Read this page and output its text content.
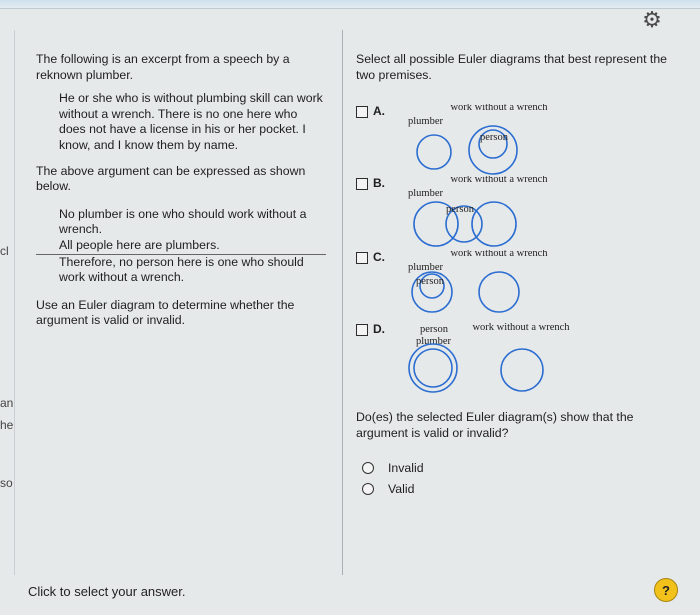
⚙
cl
an
he
so

The following is an excerpt from a speech by a reknown plumber.

He or she who is without plumbing skill can work without a wrench. There is no one here who does not have a license in his or her pocket. I know, and I know them by name.

The above argument can be expressed as shown below.

No plumber is one who should work without a wrench.

All people here are plumbers.

Therefore, no person here is one who should work without a wrench.

Use an Euler diagram to determine whether the argument is valid or invalid.

Select all possible Euler diagrams that best represent the two premises.
A.
plumber
work without a wrench
person
B.
plumber
work without a wrench
person
C.
plumber
work without a wrench
person
D.	person
plumber
work without a wrench
Do(es) the selected Euler diagram(s) show that the argument is valid or invalid?
Invalid
Valid
Click to select your answer.	?
